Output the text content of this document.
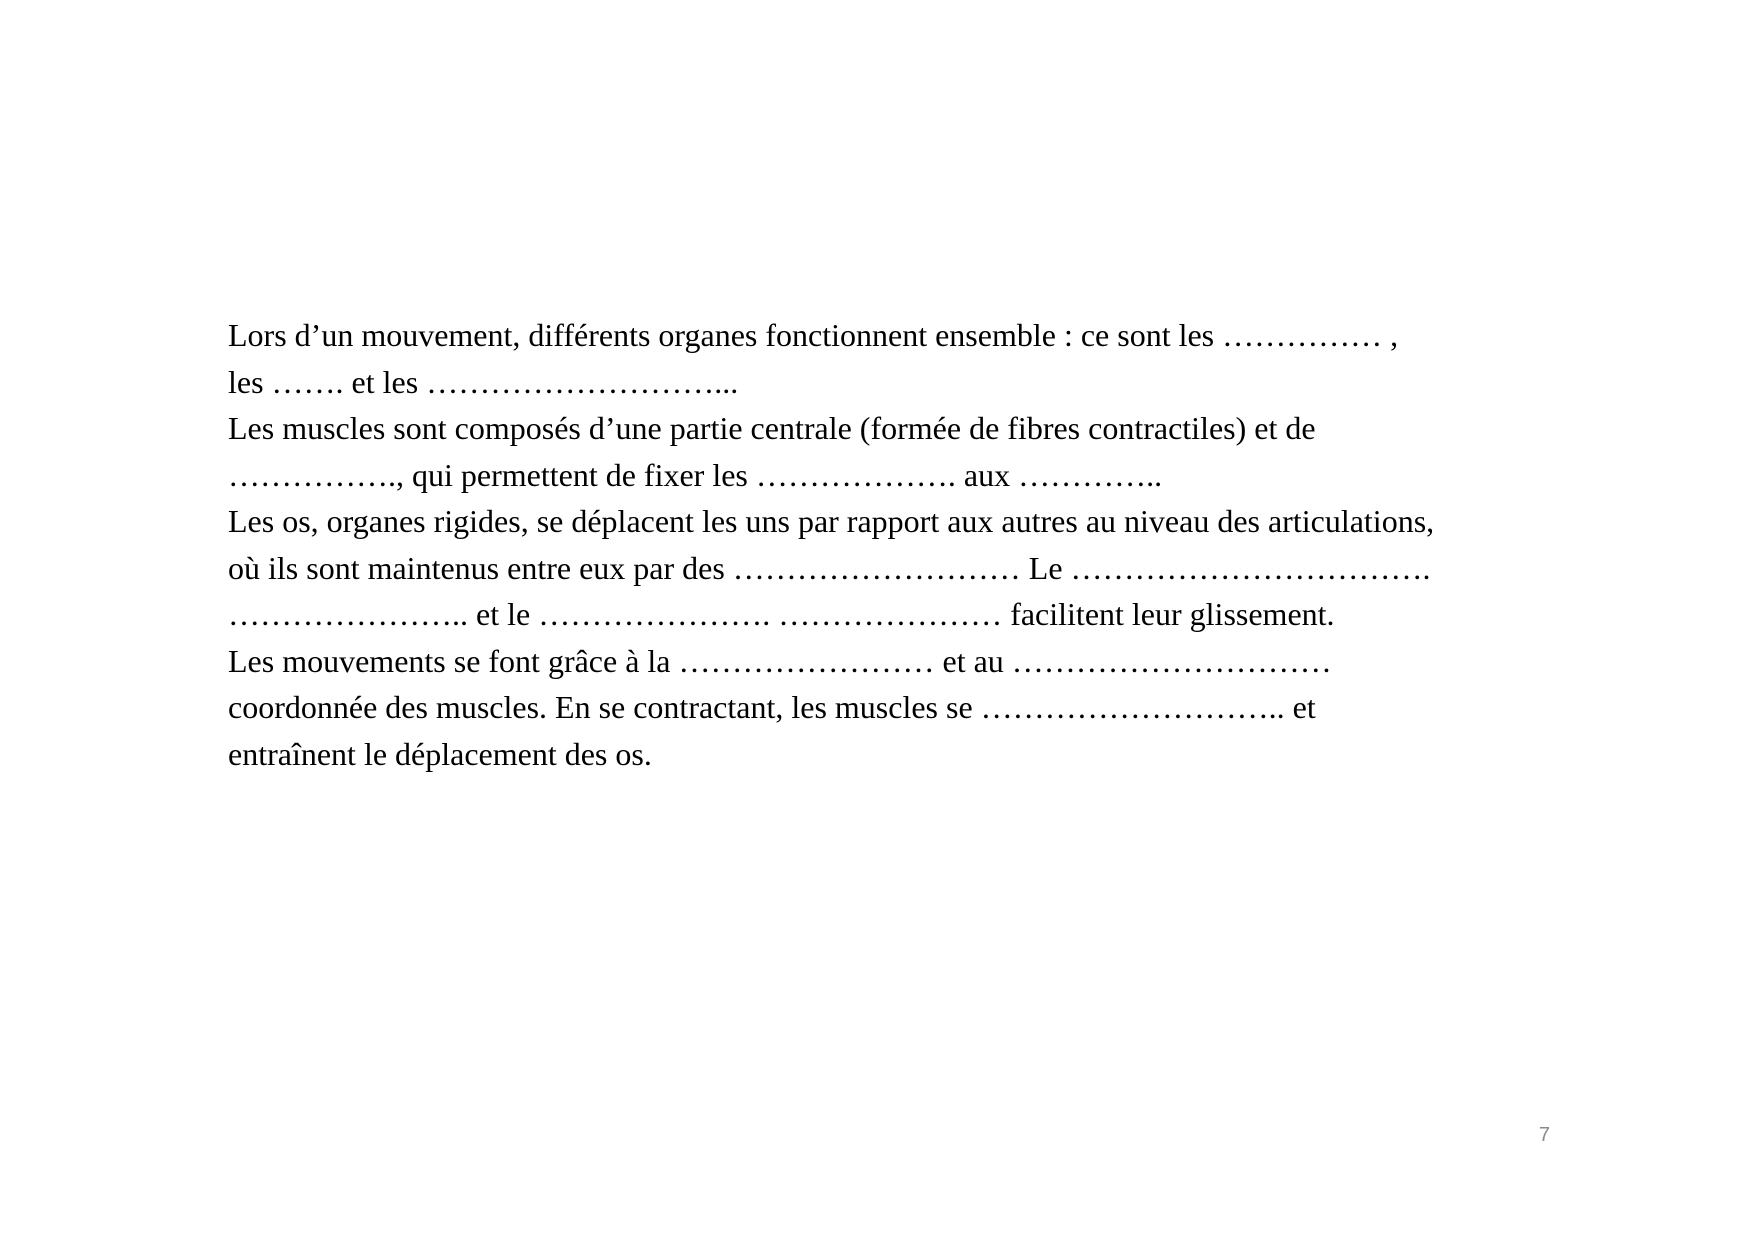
Lors d’un mouvement, différents organes fonctionnent ensemble : ce sont les …………… ,
les ……. et les ………………………...
Les muscles sont composés d’une partie centrale (formée de fibres contractiles) et de
……………., qui permettent de fixer les ………………. aux …………..
Les os, organes rigides, se déplacent les uns par rapport aux autres au niveau des articulations,
où ils sont maintenus entre eux par des ……………………… Le …………………………….
………………….. et le …………………. ………………… facilitent leur glissement.
Les mouvements se font grâce à la …………………… et au …………………………
coordonnée des muscles. En se contractant, les muscles se ……………………….. et
entraînent le déplacement des os.
7
